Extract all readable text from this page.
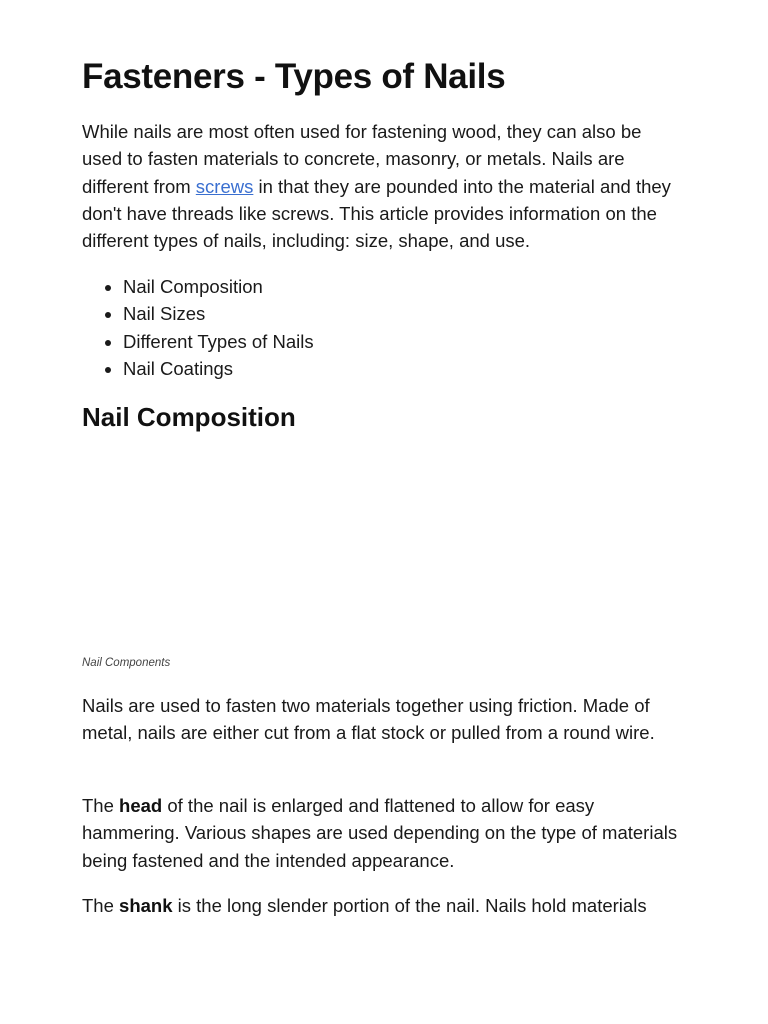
Fasteners - Types of Nails

While nails are most often used for fastening wood, they can also be used to fasten materials to concrete, masonry, or metals. Nails are different from screws in that they are pounded into the material and they don't have threads like screws. This article provides information on the different types of nails, including: size, shape, and use.

• Nail Composition
• Nail Sizes
• Different Types of Nails
• Nail Coatings
Nail Composition

Nail Components

Nails are used to fasten two materials together using friction. Made of metal, nails are either cut from a flat stock or pulled from a round wire.

The head of the nail is enlarged and flattened to allow for easy hammering. Various shapes are used depending on the type of materials being fastened and the intended appearance.

The shank is the long slender portion of the nail. Nails hold materials
